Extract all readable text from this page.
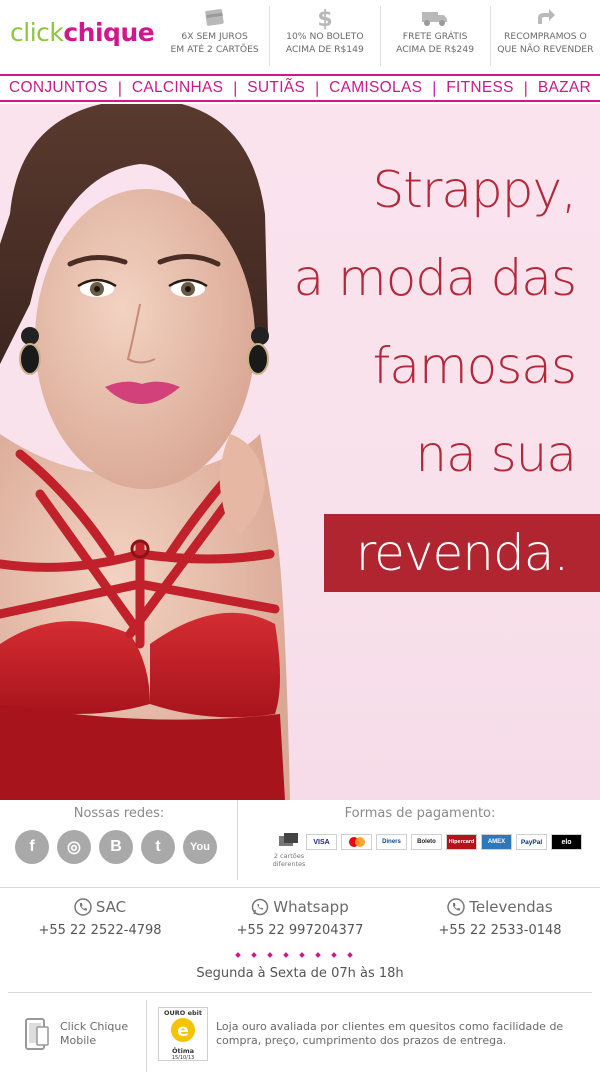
clickchique	6X SEM JUROS
EM ATÉ 2 CARTÕES
$
10% NO BOLETO
ACIMA DE R$149
FRETE GRÁTIS
ACIMA DE R$249
RECOMPRAMOS O
QUE NÃO REVENDER
CONJUNTOS | CALCINHAS | SUTIÃS | CAMISOLAS | FITNESS | BAZAR
Strappy,
a moda das
famosas
na sua
revenda.
Nossas redes:
f	◎	B	t	You
Formas de pagamento:
2 cartões diferentes
VISA	Diners	Boleto	Hipercard	AMEX	PayPal	elo
SAC
+55 22 2522-4798
Whatsapp
+55 22 997204377
Televendas
+55 22 2533-0148
Segunda à Sexta de 07h às 18h
Click Chique Mobile
OURO ebit
e
Ótima
15/10/13
Loja ouro avaliada por clientes em quesitos como facilidade de compra, preço, cumprimento dos prazos de entrega.
